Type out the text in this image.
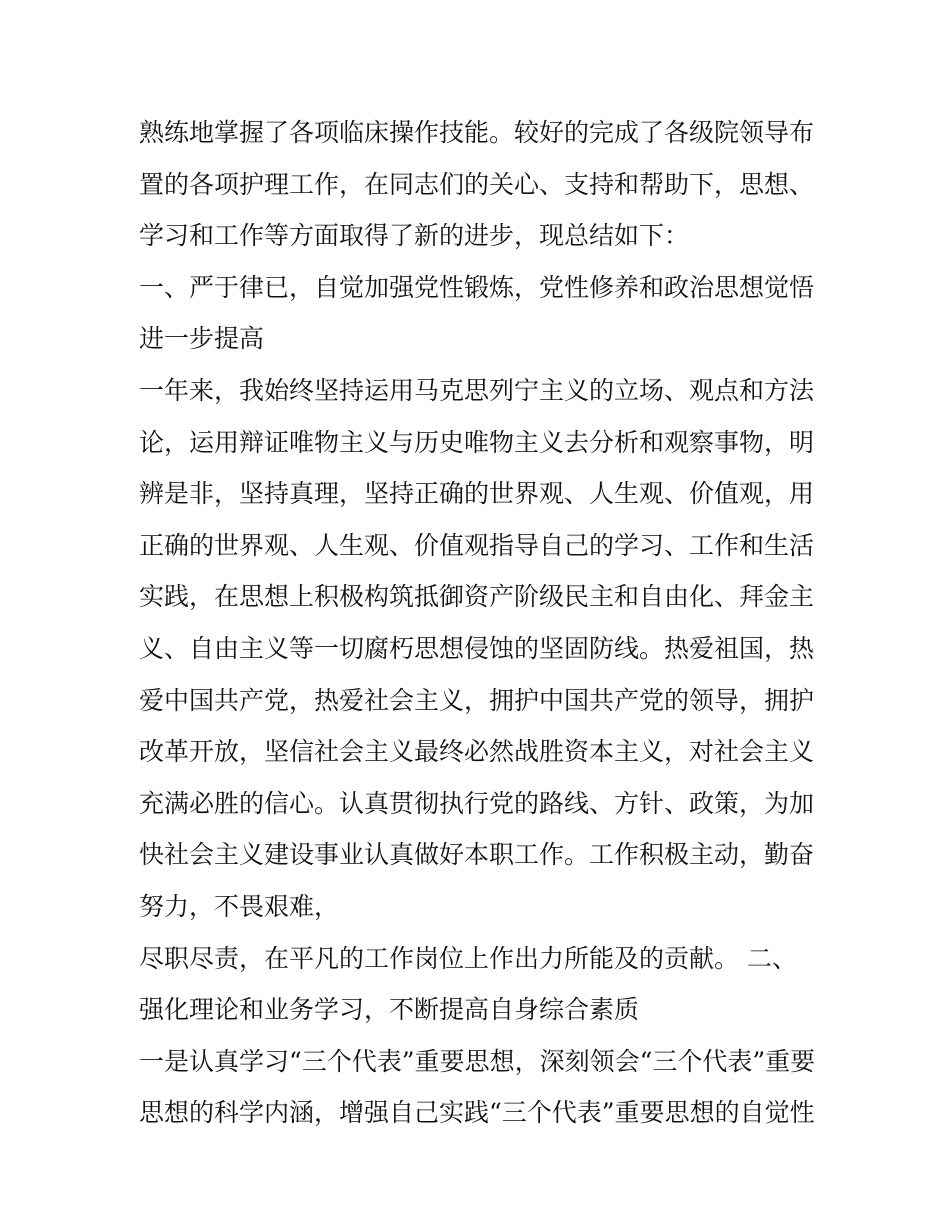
熟练地掌握了各项临床操作技能。较好的完成了各级院领导布
置的各项护理工作，在同志们的关心、支持和帮助下，思想、
学习和工作等方面取得了新的进步，现总结如下：
一、严于律已，自觉加强党性锻炼，党性修养和政治思想觉悟
进一步提高
一年来，我始终坚持运用马克思列宁主义的立场、观点和方法
论，运用辩证唯物主义与历史唯物主义去分析和观察事物，明
辨是非，坚持真理，坚持正确的世界观、人生观、价值观，用
正确的世界观、人生观、价值观指导自己的学习、工作和生活
实践，在思想上积极构筑抵御资产阶级民主和自由化、拜金主
义、自由主义等一切腐朽思想侵蚀的坚固防线。热爱祖国，热
爱中国共产党，热爱社会主义，拥护中国共产党的领导，拥护
改革开放，坚信社会主义最终必然战胜资本主义，对社会主义
充满必胜的信心。认真贯彻执行党的路线、方针、政策，为加
快社会主义建设事业认真做好本职工作。工作积极主动，勤奋
努力，不畏艰难，
尽职尽责，在平凡的工作岗位上作出力所能及的贡献。 二、
强化理论和业务学习，不断提高自身综合素质
一是认真学习“三个代表”重要思想，深刻领会“三个代表”重要
思想的科学内涵，增强自己实践“三个代表”重要思想的自觉性
